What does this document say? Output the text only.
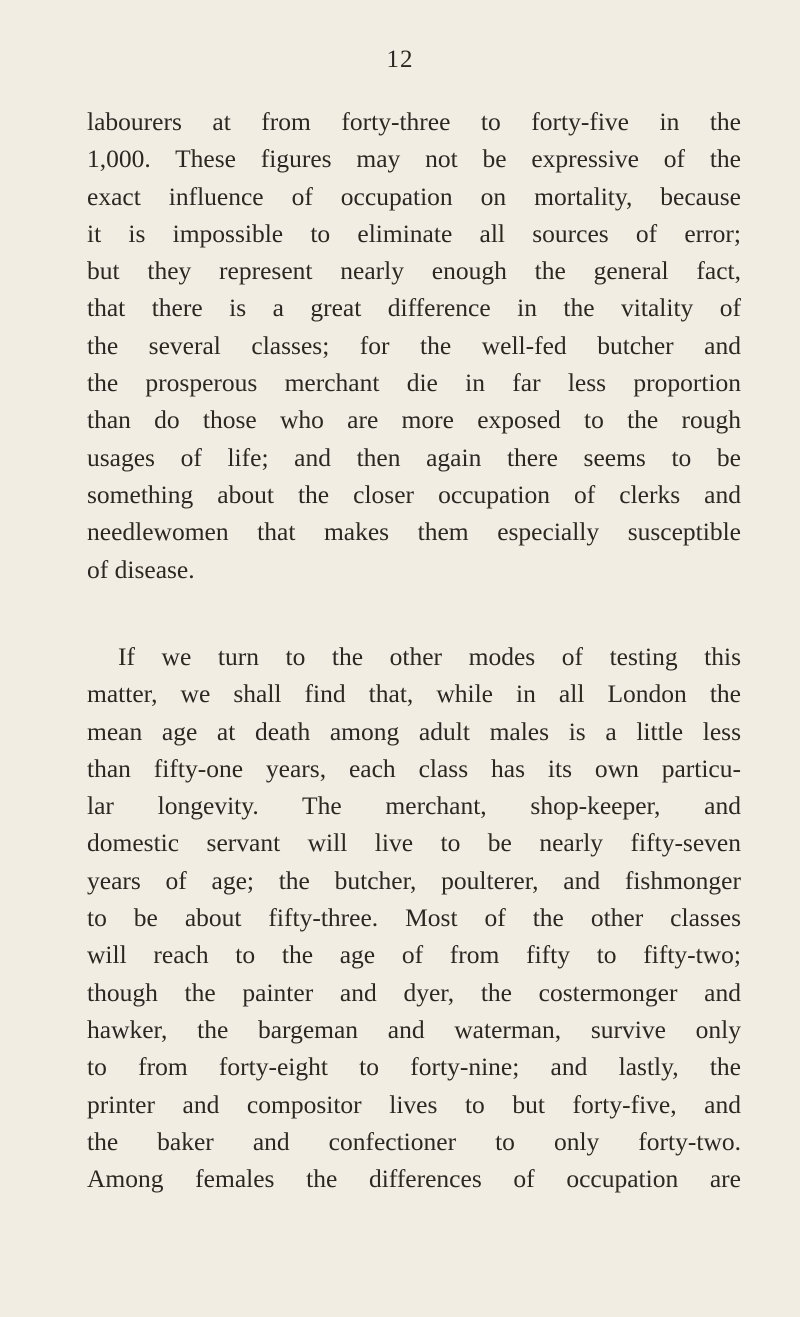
12
labourers at from forty-three to forty-five in the
1,000. These figures may not be expressive of the
exact influence of occupation on mortality, because
it is impossible to eliminate all sources of error;
but they represent nearly enough the general fact,
that there is a great difference in the vitality of
the several classes; for the well-fed butcher and
the prosperous merchant die in far less proportion
than do those who are more exposed to the rough
usages of life; and then again there seems to be
something about the closer occupation of clerks and
needlewomen that makes them especially susceptible
of disease.
If we turn to the other modes of testing this
matter, we shall find that, while in all London the
mean age at death among adult males is a little less
than fifty-one years, each class has its own particu-
lar longevity. The merchant, shop-keeper, and
domestic servant will live to be nearly fifty-seven
years of age; the butcher, poulterer, and fishmonger
to be about fifty-three. Most of the other classes
will reach to the age of from fifty to fifty-two;
though the painter and dyer, the costermonger and
hawker, the bargeman and waterman, survive only
to from forty-eight to forty-nine; and lastly, the
printer and compositor lives to but forty-five, and
the baker and confectioner to only forty-two.
Among females the differences of occupation are
